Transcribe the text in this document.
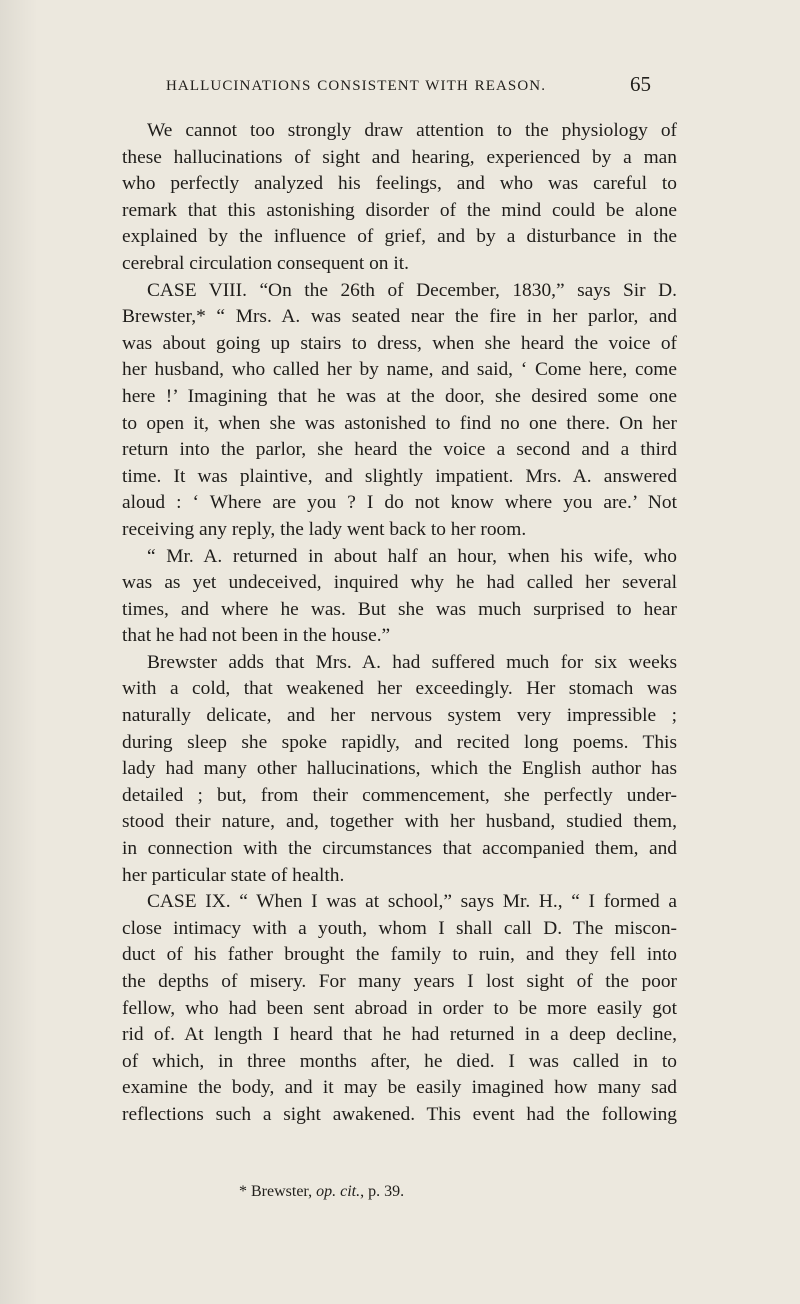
HALLUCINATIONS CONSISTENT WITH REASON.	65
We cannot too strongly draw attention to the physiology of
these hallucinations of sight and hearing, experienced by a man
who perfectly analyzed his feelings, and who was careful to
remark that this astonishing disorder of the mind could be alone
explained by the influence of grief, and by a disturbance in the
cerebral circulation consequent on it.
CASE VIII. “On the 26th of December, 1830,” says Sir D.
Brewster,* “ Mrs. A. was seated near the fire in her parlor, and
was about going up stairs to dress, when she heard the voice of
her husband, who called her by name, and said, ‘ Come here, come
here !’ Imagining that he was at the door, she desired some one
to open it, when she was astonished to find no one there. On her
return into the parlor, she heard the voice a second and a third
time. It was plaintive, and slightly impatient. Mrs. A. answered
aloud : ‘ Where are you ? I do not know where you are.’ Not
receiving any reply, the lady went back to her room.
“ Mr. A. returned in about half an hour, when his wife, who
was as yet undeceived, inquired why he had called her several
times, and where he was. But she was much surprised to hear
that he had not been in the house.”
Brewster adds that Mrs. A. had suffered much for six weeks
with a cold, that weakened her exceedingly. Her stomach was
naturally delicate, and her nervous system very impressible ;
during sleep she spoke rapidly, and recited long poems. This
lady had many other hallucinations, which the English author has
detailed ; but, from their commencement, she perfectly under-
stood their nature, and, together with her husband, studied them,
in connection with the circumstances that accompanied them, and
her particular state of health.
CASE IX. “ When I was at school,” says Mr. H., “ I formed a
close intimacy with a youth, whom I shall call D. The miscon-
duct of his father brought the family to ruin, and they fell into
the depths of misery. For many years I lost sight of the poor
fellow, who had been sent abroad in order to be more easily got
rid of. At length I heard that he had returned in a deep decline,
of which, in three months after, he died. I was called in to
examine the body, and it may be easily imagined how many sad
reflections such a sight awakened. This event had the following
* Brewster, op. cit., p. 39.
